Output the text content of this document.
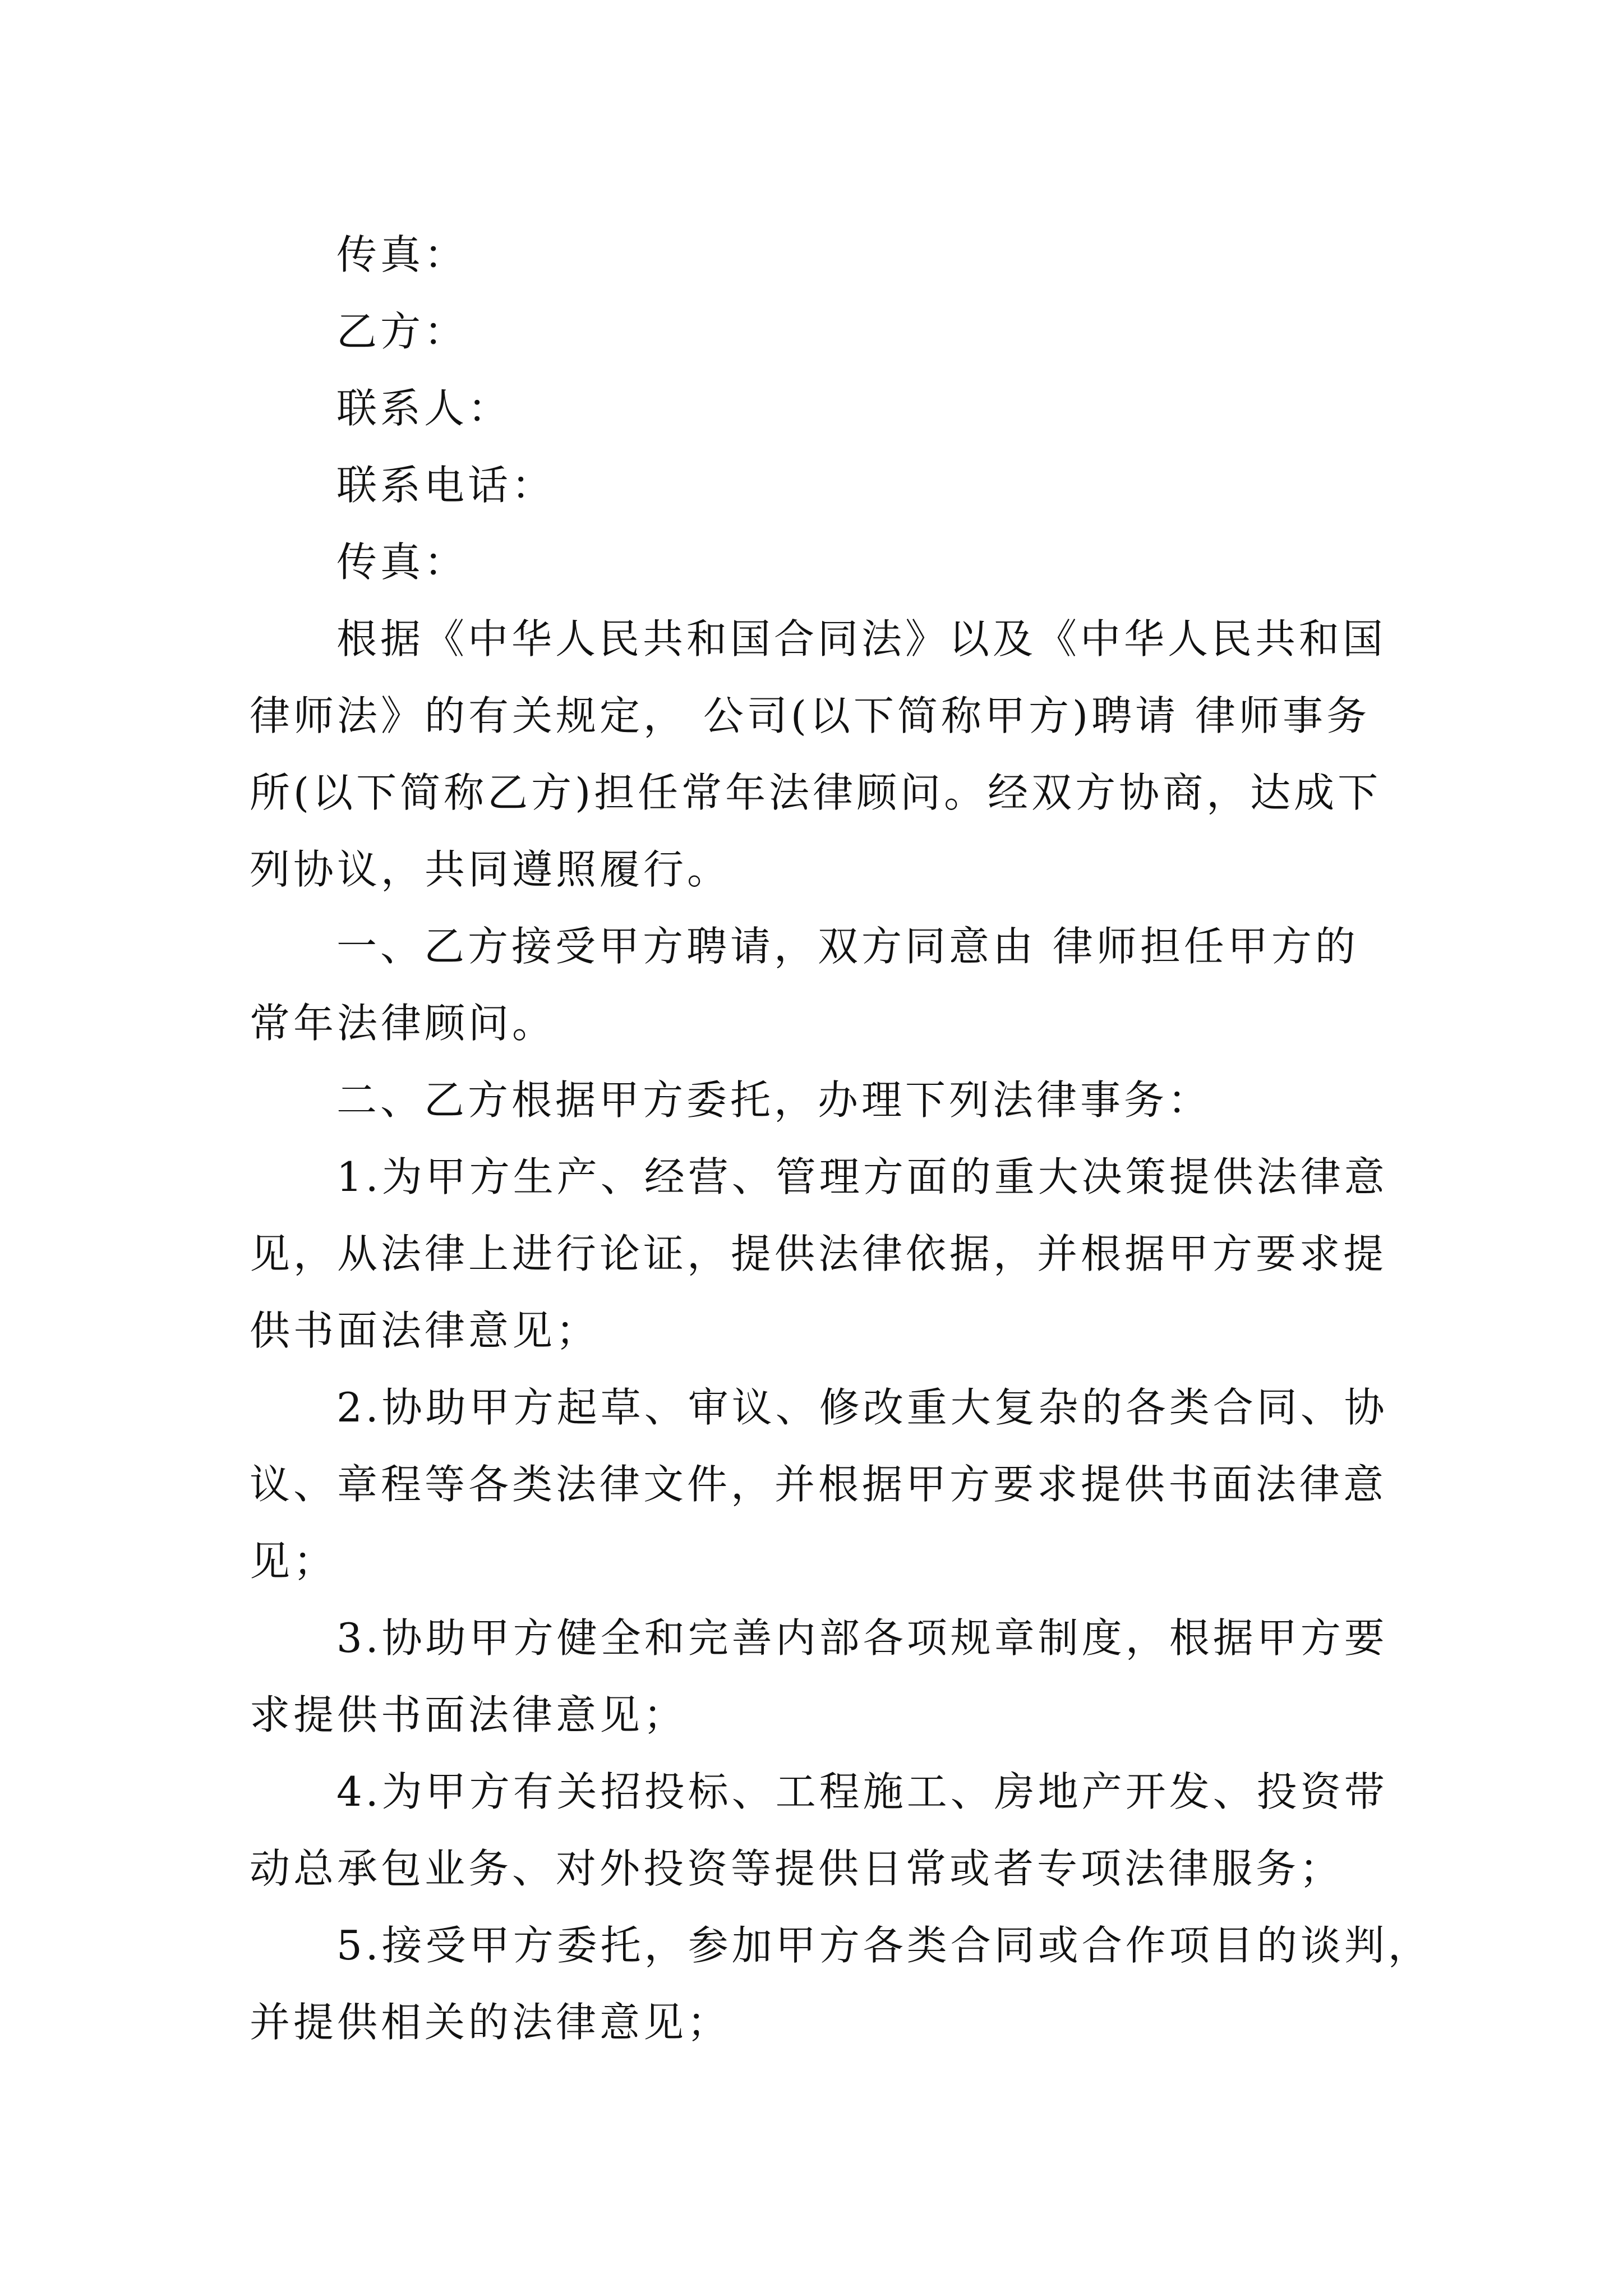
传真：
乙方：
联系人：
联系电话：
传真：
根据《中华人民共和国合同法》以及《中华人民共和国
律师法》的有关规定， 公司(以下简称甲方)聘请 律师事务
所(以下简称乙方)担任常年法律顾问。经双方协商，达成下
列协议，共同遵照履行。
一、乙方接受甲方聘请，双方同意由 律师担任甲方的
常年法律顾问。
二、乙方根据甲方委托，办理下列法律事务：
1.为甲方生产、经营、管理方面的重大决策提供法律意
见，从法律上进行论证，提供法律依据，并根据甲方要求提
供书面法律意见；
2.协助甲方起草、审议、修改重大复杂的各类合同、协
议、章程等各类法律文件，并根据甲方要求提供书面法律意
见；
3.协助甲方健全和完善内部各项规章制度，根据甲方要
求提供书面法律意见；
4.为甲方有关招投标、工程施工、房地产开发、投资带
动总承包业务、对外投资等提供日常或者专项法律服务；
5.接受甲方委托，参加甲方各类合同或合作项目的谈判，
并提供相关的法律意见；
